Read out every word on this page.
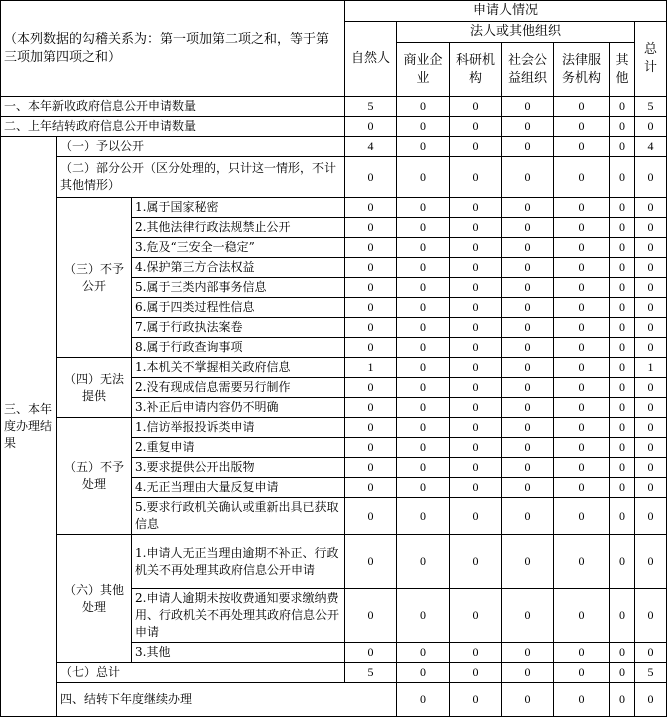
（本列数据的勾稽关系为：第一项加第二项之和，等于第三项加第四项之和）			申请人情况							
			自然人	法人或其他组织					总计	
				商业企业	科研机构	社会公益组织	法律服务机构	其他		
一、本年新收政府信息公开申请数量			5	0	0	0	0	0	5	
二、上年结转政府信息公开申请数量			0	0	0	0	0	0	0	
三、本年度办理结果	（一）予以公开		4	0	0	0	0	0	4	
	（二）部分公开（区分处理的，只计这一情形，不计其他情形）		0	0	0	0	0	0	0	
	（三）不予公开	1.属于国家秘密	0	0	0	0	0	0	0	
		2.其他法律行政法规禁止公开	0	0	0	0	0	0	0	
		3.危及“三安全一稳定”	0	0	0	0	0	0	0	
		4.保护第三方合法权益	0	0	0	0	0	0	0	
		5.属于三类内部事务信息	0	0	0	0	0	0	0	
		6.属于四类过程性信息	0	0	0	0	0	0	0	
		7.属于行政执法案卷	0	0	0	0	0	0	0	
		8.属于行政查询事项	0	0	0	0	0	0	0	
	（四）无法提供	1.本机关不掌握相关政府信息	1	0	0	0	0	0	1	
		2.没有现成信息需要另行制作	0	0	0	0	0	0	0	
		3.补正后申请内容仍不明确	0	0	0	0	0	0	0	
	（五）不予处理	1.信访举报投诉类申请	0	0	0	0	0	0	0	
		2.重复申请	0	0	0	0	0	0	0	
		3.要求提供公开出版物	0	0	0	0	0	0	0	
		4.无正当理由大量反复申请	0	0	0	0	0	0	0	
		5.要求行政机关确认或重新出具已获取信息	0	0	0	0	0	0	0	
	（六）其他处理	1.申请人无正当理由逾期不补正、行政机关不再处理其政府信息公开申请	0	0	0	0	0	0	0	
		2.申请人逾期未按收费通知要求缴纳费用、行政机关不再处理其政府信息公开申请	0	0	0	0	0	0	0	
		3.其他	0	0	0	0	0	0	0	
	（七）总计		5	0	0	0	0	0	5	
	四、结转下年度继续办理			0	0	0	0	0	0	
